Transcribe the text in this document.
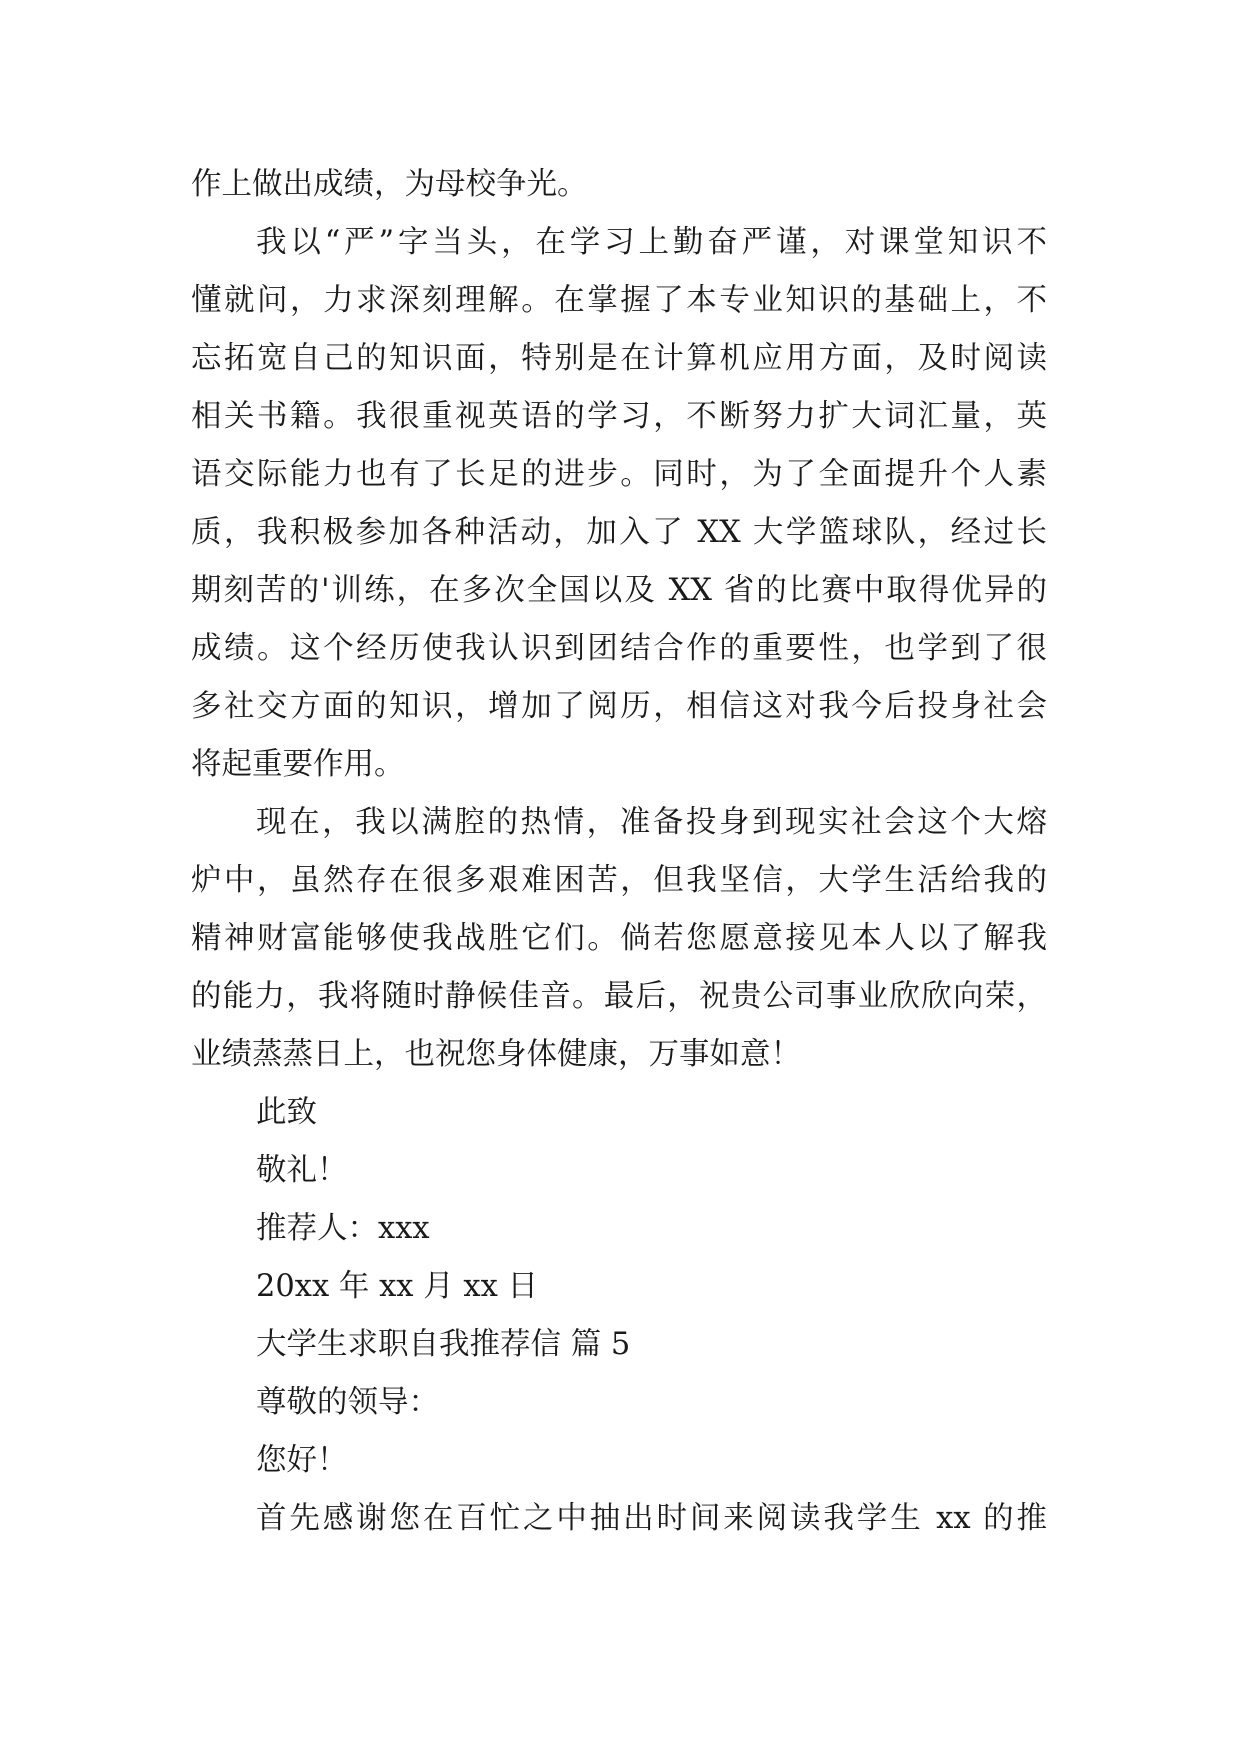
作上做出成绩，为母校争光。
我以“严”字当头，在学习上勤奋严谨，对课堂知识不
懂就问，力求深刻理解。在掌握了本专业知识的基础上，不
忘拓宽自己的知识面，特别是在计算机应用方面，及时阅读
相关书籍。我很重视英语的学习，不断努力扩大词汇量，英
语交际能力也有了长足的进步。同时，为了全面提升个人素
质，我积极参加各种活动，加入了 XX 大学篮球队，经过长
期刻苦的'训练，在多次全国以及 XX 省的比赛中取得优异的
成绩。这个经历使我认识到团结合作的重要性，也学到了很
多社交方面的知识，增加了阅历，相信这对我今后投身社会
将起重要作用。
现在，我以满腔的热情，准备投身到现实社会这个大熔
炉中，虽然存在很多艰难困苦，但我坚信，大学生活给我的
精神财富能够使我战胜它们。倘若您愿意接见本人以了解我
的能力，我将随时静候佳音。最后，祝贵公司事业欣欣向荣，
业绩蒸蒸日上，也祝您身体健康，万事如意！
此致
敬礼！
推荐人：xxx
20xx 年 xx 月 xx 日
大学生求职自我推荐信 篇 5
尊敬的领导：
您好！
首先感谢您在百忙之中抽出时间来阅读我学生 xx 的推
